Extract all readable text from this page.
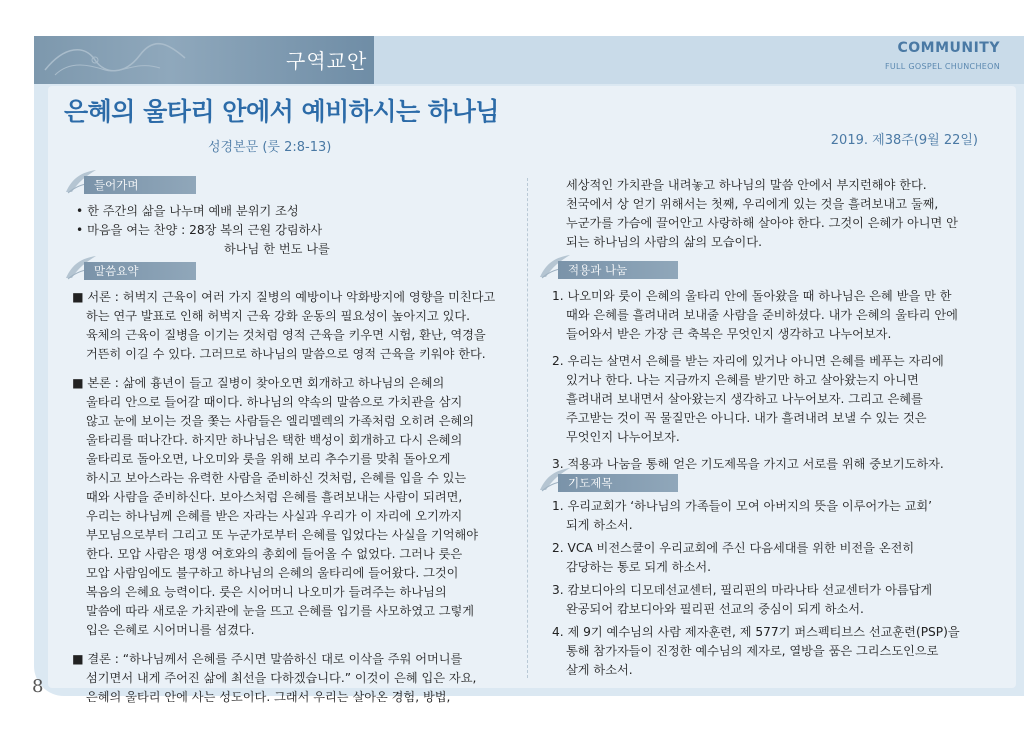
구역교안
COMMUNITY
FULL GOSPEL CHUNCHEON
은혜의 울타리 안에서 예비하시는 하나님
성경본문 (룻 2:8-13)	2019. 제38주(9월 22일)
들어가며
• 한 주간의 삶을 나누며 예배 분위기 조성
• 마음을 여는 찬양 : 28장 복의 근원 강림하사
하나님 한 번도 나를
말씀요약
■ 서론 : 허벅지 근육이 여러 가지 질병의 예방이나 악화방지에 영향을 미친다고
하는 연구 발표로 인해 허벅지 근육 강화 운동의 필요성이 높아지고 있다.
육체의 근육이 질병을 이기는 것처럼 영적 근육을 키우면 시험, 환난, 역경을
거뜬히 이길 수 있다. 그러므로 하나님의 말씀으로 영적 근육을 키워야 한다.
■ 본론 : 삶에 흉년이 들고 질병이 찾아오면 회개하고 하나님의 은혜의
울타리 안으로 들어갈 때이다. 하나님의 약속의 말씀으로 가치관을 삼지
않고 눈에 보이는 것을 쫓는 사람들은 엘리멜렉의 가족처럼 오히려 은혜의
울타리를 떠나간다. 하지만 하나님은 택한 백성이 회개하고 다시 은혜의
울타리로 돌아오면, 나오미와 룻을 위해 보리 추수기를 맞춰 돌아오게
하시고 보아스라는 유력한 사람을 준비하신 것처럼, 은혜를 입을 수 있는
때와 사람을 준비하신다. 보아스처럼 은혜를 흘려보내는 사람이 되려면,
우리는 하나님께 은혜를 받은 자라는 사실과 우리가 이 자리에 오기까지
부모님으로부터 그리고 또 누군가로부터 은혜를 입었다는 사실을 기억해야
한다. 모압 사람은 평생 여호와의 총회에 들어올 수 없었다. 그러나 룻은
모압 사람임에도 불구하고 하나님의 은혜의 울타리에 들어왔다. 그것이
복음의 은혜요 능력이다. 룻은 시어머니 나오미가 들려주는 하나님의
말씀에 따라 새로운 가치관에 눈을 뜨고 은혜를 입기를 사모하였고 그렇게
입은 은혜로 시어머니를 섬겼다.
■ 결론 : “하나님께서 은혜를 주시면 말씀하신 대로 이삭을 주워 어머니를
섬기면서 내게 주어진 삶에 최선을 다하겠습니다.” 이것이 은혜 입은 자요,
은혜의 울타리 안에 사는 성도이다. 그래서 우리는 살아온 경험, 방법,
세상적인 가치관을 내려놓고 하나님의 말씀 안에서 부지런해야 한다.
천국에서 상 얻기 위해서는 첫째, 우리에게 있는 것을 흘려보내고 둘째,
누군가를 가슴에 끌어안고 사랑하해 살아야 한다. 그것이 은혜가 아니면 안
되는 하나님의 사람의 삶의 모습이다.
적용과 나눔
1. 나오미와 룻이 은혜의 울타리 안에 돌아왔을 때 하나님은 은혜 받을 만 한
때와 은혜를 흘려내려 보내줄 사람을 준비하셨다. 내가 은혜의 울타리 안에
들어와서 받은 가장 큰 축복은 무엇인지 생각하고 나누어보자.
2. 우리는 살면서 은혜를 받는 자리에 있거나 아니면 은혜를 베푸는 자리에
있거나 한다. 나는 지금까지 은혜를 받기만 하고 살아왔는지 아니면
흘려내려 보내면서 살아왔는지 생각하고 나누어보자. 그리고 은혜를
주고받는 것이 꼭 물질만은 아니다. 내가 흘려내려 보낼 수 있는 것은
무엇인지 나누어보자.
3. 적용과 나눔을 통해 얻은 기도제목을 가지고 서로를 위해 중보기도하자.
기도제목
1. 우리교회가 ‘하나님의 가족들이 모여 아버지의 뜻을 이루어가는 교회’
되게 하소서.
2. VCA 비전스쿨이 우리교회에 주신 다음세대를 위한 비전을 온전히
감당하는 통로 되게 하소서.
3. 캄보디아의 디모데선교센터, 필리핀의 마라나타 선교센터가 아름답게
완공되어 캄보디아와 필리핀 선교의 중심이 되게 하소서.
4. 제 9기 예수님의 사람 제자훈련, 제 577기 퍼스펙티브스 선교훈련(PSP)을
통해 참가자들이 진정한 예수님의 제자로, 열방을 품은 그리스도인으로
살게 하소서.
8
